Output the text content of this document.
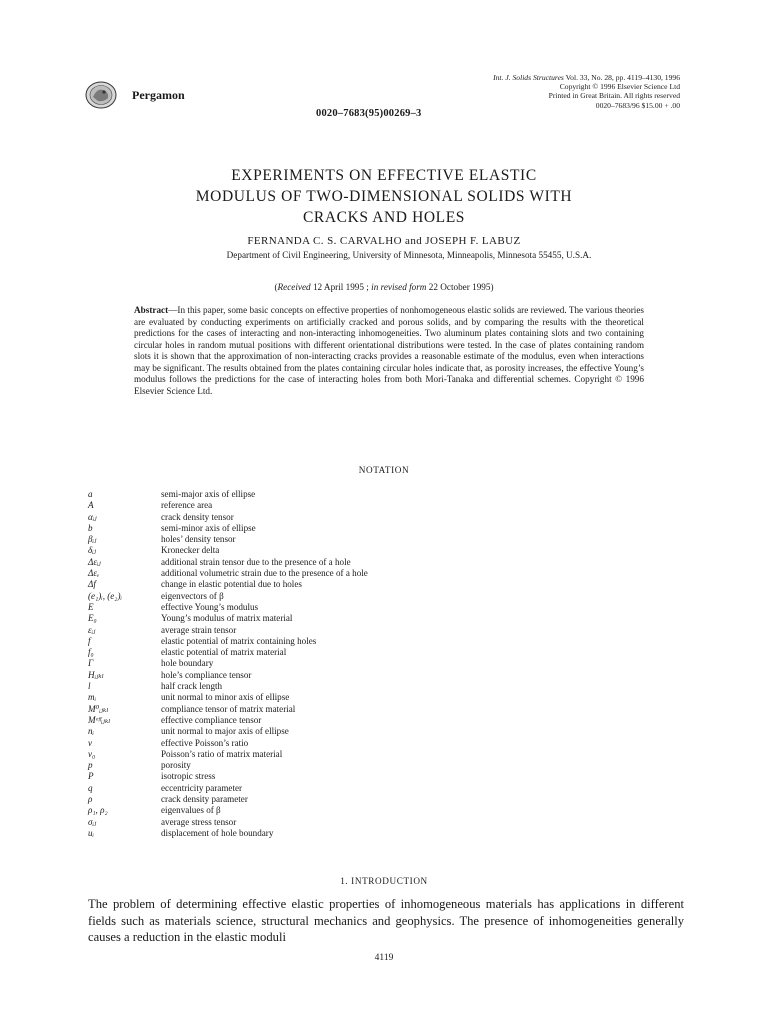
Pergamon
Int. J. Solids Structures Vol. 33, No. 28, pp. 4119–4130, 1996
Copyright © 1996 Elsevier Science Ltd
Printed in Great Britain. All rights reserved
0020–7683/96 $15.00 + .00
0020–7683(95)00269–3
EXPERIMENTS ON EFFECTIVE ELASTIC
MODULUS OF TWO-DIMENSIONAL SOLIDS WITH
CRACKS AND HOLES
FERNANDA C. S. CARVALHO and JOSEPH F. LABUZ
Department of Civil Engineering, University of Minnesota, Minneapolis, Minnesota 55455, U.S.A.
(Received 12 April 1995 ; in revised form 22 October 1995)
Abstract—In this paper, some basic concepts on effective properties of nonhomogeneous elastic solids are reviewed. The various theories are evaluated by conducting experiments on artificially cracked and porous solids, and by comparing the results with the theoretical predictions for the cases of interacting and non-interacting inhomogeneities. Two aluminum plates containing slots and two containing circular holes in random mutual positions with different orientational distributions were tested. In the case of plates containing random slots it is shown that the approximation of non-interacting cracks provides a reasonable estimate of the modulus, even when interactions may be significant. The results obtained from the plates containing circular holes indicate that, as porosity increases, the effective Young’s modulus follows the predictions for the case of interacting holes from both Mori-Tanaka and differential schemes. Copyright © 1996 Elsevier Science Ltd.
NOTATION
a	semi-major axis of ellipse
A	reference area
αᵢⱼ	crack density tensor
b	semi-minor axis of ellipse
βᵢⱼ	holes’ density tensor
δᵢⱼ	Kronecker delta
Δεᵢⱼ	additional strain tensor due to the presence of a hole
Δεᵥ	additional volumetric strain due to the presence of a hole
Δf	change in elastic potential due to holes
(e₁)ᵢ, (e₂)ᵢ	eigenvectors of β
E	effective Young’s modulus
E₀	Young’s modulus of matrix material
εᵢⱼ	average strain tensor
f	elastic potential of matrix containing holes
f₀	elastic potential of matrix material
Γ	hole boundary
Hᵢⱼₖₗ	hole’s compliance tensor
l	half crack length
mᵢ	unit normal to minor axis of ellipse
M⁰ᵢⱼₖₗ	compliance tensor of matrix material
Mᵉᶠᶠᵢⱼₖₗ	effective compliance tensor
nᵢ	unit normal to major axis of ellipse
v	effective Poisson’s ratio
v₀	Poisson’s ratio of matrix material
p	porosity
P	isotropic stress
q	eccentricity parameter
ρ	crack density parameter
ρ₁, ρ₂	eigenvalues of β
σᵢⱼ	average stress tensor
uᵢ	displacement of hole boundary
1. INTRODUCTION
The problem of determining effective elastic properties of inhomogeneous materials has applications in different fields such as materials science, structural mechanics and geophysics. The presence of inhomogeneities generally causes a reduction in the elastic moduli
4119
